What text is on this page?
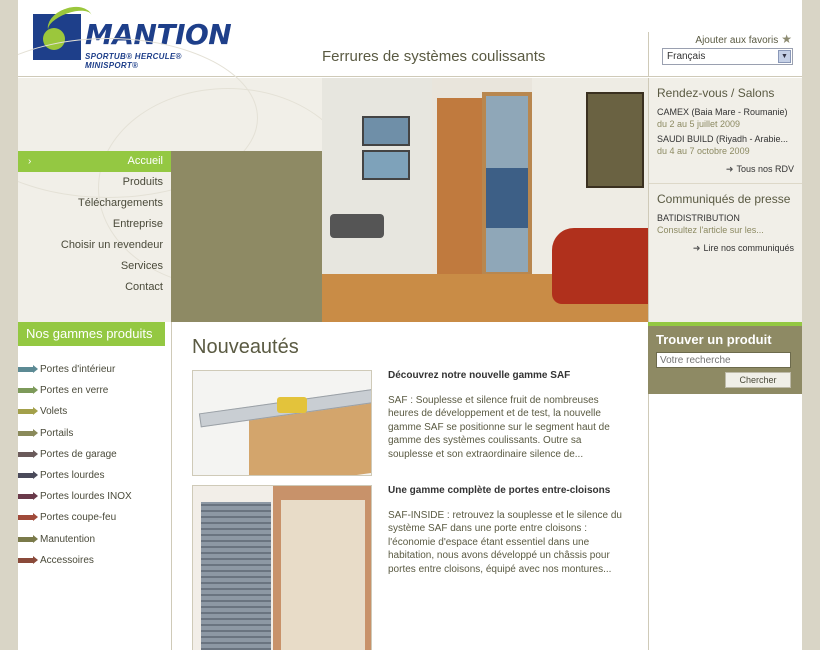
MANTION
SPORTUB® HERCULE® MINISPORT®
Ferrures de systèmes coulissants
Ajouter aux favoris ★
Français	▼
›	Accueil
Produits
Téléchargements
Entreprise
Choisir un revendeur
Services
Contact
Rendez-vous / Salons
CAMEX (Baia Mare - Roumanie)
du 2 au 5 juillet 2009
SAUDI BUILD (Riyadh - Arabie...
du 4 au 7 octobre 2009
➜ Tous nos RDV
Communiqués de presse
BATIDISTRIBUTION
Consultez l'article sur les...
➜ Lire nos communiqués
Nos gammes produits
Portes d'intérieur
Portes en verre
Volets
Portails
Portes de garage
Portes lourdes
Portes lourdes INOX
Portes coupe-feu
Manutention
Accessoires
Nouveautés
Découvrez notre nouvelle gamme SAF
SAF : Souplesse et silence fruit de nombreuses heures de développement et de test, la nouvelle gamme SAF se positionne sur le segment haut de gamme des systèmes coulissants. Outre sa souplesse et son extraordinaire silence de...
Une gamme complète de portes entre-cloisons
SAF-INSIDE : retrouvez la souplesse et le silence du système SAF dans une porte entre cloisons : l'économie d'espace étant essentiel dans une habitation, nous avons développé un châssis pour portes entre cloisons, équipé avec nos montures...
Trouver un produit
Votre recherche
Chercher
